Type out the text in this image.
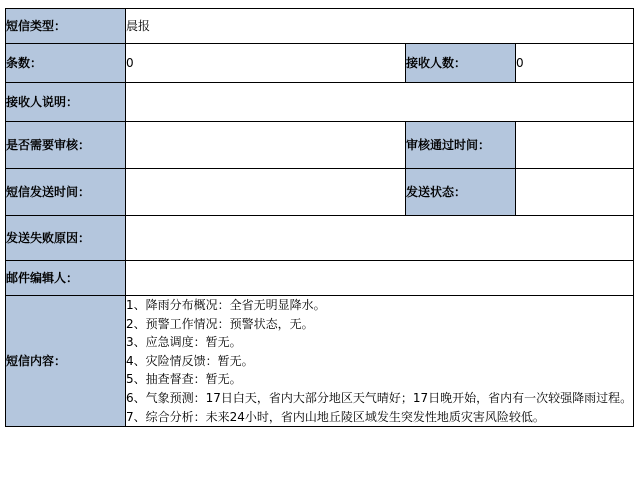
短信类型：	晨报		
条数：	0	接收人数：	0
接收人说明：			
是否需要审核：		审核通过时间：	
短信发送时间：		发送状态：	
发送失败原因：			
邮件编辑人：			
短信内容：	
1、降雨分布概况：全省无明显降水。
2、预警工作情况：预警状态，无。
3、应急调度：暂无。
4、灾险情反馈：暂无。
5、抽查督查：暂无。
6、气象预测：17日白天，省内大部分地区天气晴好；17日晚开始，省内有一次较强降雨过程。
7、综合分析：未来24小时，省内山地丘陵区域发生突发性地质灾害风险较低。
